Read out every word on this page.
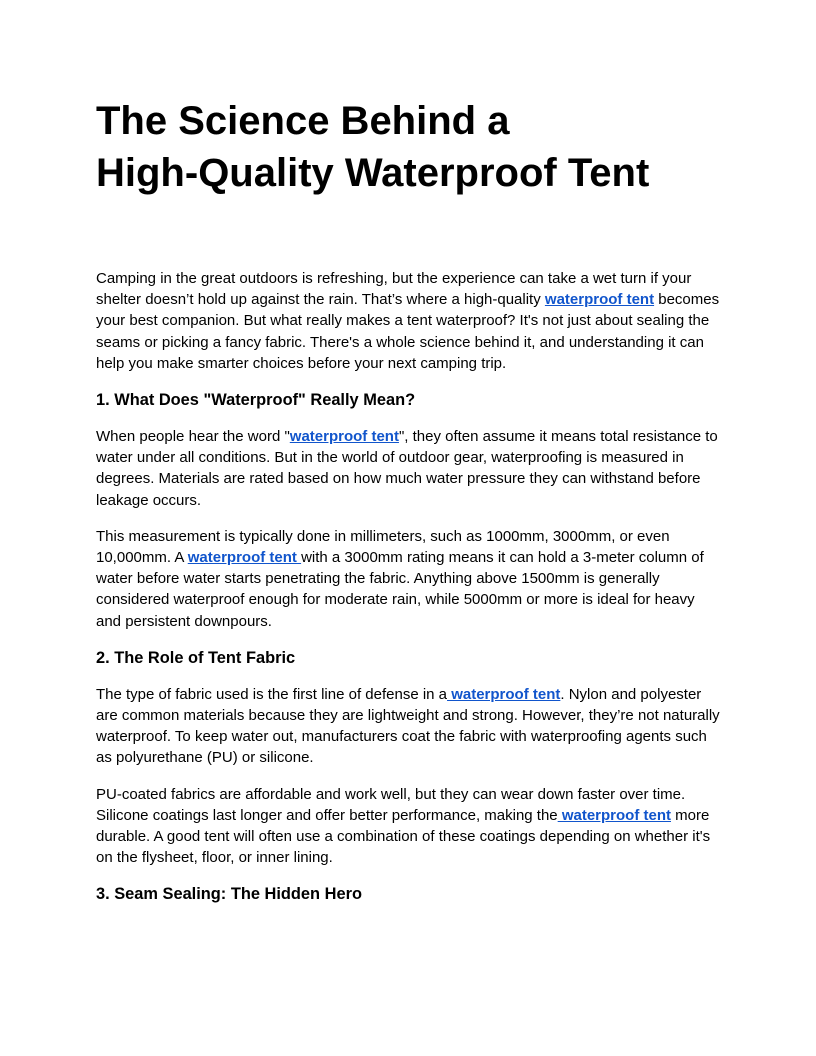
The Science Behind a
High-Quality Waterproof Tent

Camping in the great outdoors is refreshing, but the experience can take a wet turn if your shelter doesn’t hold up against the rain. That’s where a high-quality waterproof tent becomes your best companion. But what really makes a tent waterproof? It's not just about sealing the seams or picking a fancy fabric. There's a whole science behind it, and understanding it can help you make smarter choices before your next camping trip.

1. What Does "Waterproof" Really Mean?

When people hear the word "waterproof tent", they often assume it means total resistance to water under all conditions. But in the world of outdoor gear, waterproofing is measured in degrees. Materials are rated based on how much water pressure they can withstand before leakage occurs.

This measurement is typically done in millimeters, such as 1000mm, 3000mm, or even 10,000mm. A waterproof tent with a 3000mm rating means it can hold a 3-meter column of water before water starts penetrating the fabric. Anything above 1500mm is generally considered waterproof enough for moderate rain, while 5000mm or more is ideal for heavy and persistent downpours.

2. The Role of Tent Fabric

The type of fabric used is the first line of defense in a waterproof tent. Nylon and polyester are common materials because they are lightweight and strong. However, they’re not naturally waterproof. To keep water out, manufacturers coat the fabric with waterproofing agents such as polyurethane (PU) or silicone.

PU-coated fabrics are affordable and work well, but they can wear down faster over time. Silicone coatings last longer and offer better performance, making the waterproof tent more durable. A good tent will often use a combination of these coatings depending on whether it's on the flysheet, floor, or inner lining.

3. Seam Sealing: The Hidden Hero
